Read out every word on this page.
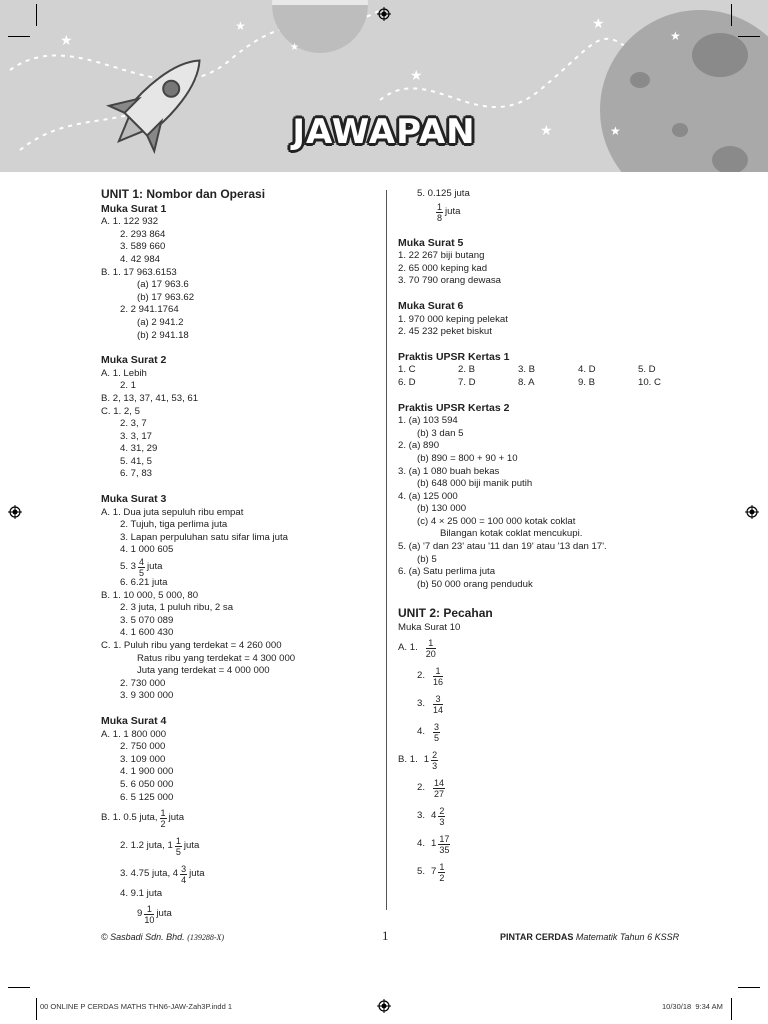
★
★
★
★
★
★
★
★
JAWAPAN
UNIT 1: Nombor dan Operasi
Muka Surat 1
A. 1. 122 932
2. 293 864
3. 589 660
4. 42 984
B. 1. 17 963.6153
(a) 17 963.6
(b) 17 963.62
2. 2 941.1764
(a) 2 941.2
(b) 2 941.18
Muka Surat 2
A. 1. Lebih
2. 1
B. 2, 13, 37, 41, 53, 61
C. 1. 2, 5
2. 3, 7
3. 3, 17
4. 31, 29
5. 41, 5
6. 7, 83
Muka Surat 3
A. 1. Dua juta sepuluh ribu empat
2. Tujuh, tiga perlima juta
3. Lapan perpuluhan satu sifar lima juta
4. 1 000 605
5. $3 \frac{4}{5}$ juta
6. 6.21 juta
B. 1. 10 000, 5 000, 80
2. 3 juta, 1 puluh ribu, 2 sa
3. 5 070 089
4. 1 600 430
C. 1. Puluh ribu yang terdekat = 4 260 000
Ratus ribu yang terdekat = 4 300 000
Juta yang terdekat = 4 000 000
2. 730 000
3. 9 300 000
Muka Surat 4
A. 1. 1 800 000
2. 750 000
3. 109 000
4. 1 900 000
5. 6 050 000
6. 5 125 000
B. 1. 0.5 juta, $\frac{1}{2}$ juta
2. 1.2 juta, $1 \frac{1}{5}$ juta
3. 4.75 juta, $4 \frac{3}{4}$ juta
4. 9.1 juta
$9 \frac{1}{10}$ juta
5. 0.125 juta
$\frac{1}{8}$ juta
Muka Surat 5
1. 22 267 biji butang
2. 65 000 keping kad
3. 70 790 orang dewasa
Muka Surat 6
1. 970 000 keping pelekat
2. 45 232 peket biskut
Praktis UPSR Kertas 1
1. C	2. B	3. B	4. D	5. D
6. D	7. D	8. A	9. B	10. C
Praktis UPSR Kertas 2
1. (a) 103 594
(b) 3 dan 5
2. (a) 890
(b) 890 = 800 + 90 + 10
3. (a) 1 080 buah bekas
(b) 648 000 biji manik putih
4. (a) 125 000
(b) 130 000
(c) 4 × 25 000 = 100 000 kotak coklat
Bilangan kotak coklat mencukupi.
5. (a) '7 dan 23' atau '11 dan 19' atau '13 dan 17'.
(b) 5
6. (a) Satu perlima juta
(b) 50 000 orang penduduk
UNIT 2: Pecahan
Muka Surat 10
A. 1. $\frac{1}{20}$
2. $\frac{1}{16}$
3. $\frac{3}{14}$
4. $\frac{3}{5}$
B. 1. $1 \frac{2}{3}$
2. $\frac{14}{27}$
3. $4 \frac{2}{3}$
4. $1 \frac{17}{35}$
5. $7 \frac{1}{2}$
© Sasbadi Sdn. Bhd. (139288-X)	1	PINTAR CERDAS Matematik Tahun 6 KSSR
00 ONLINE P CERDAS MATHS THN6-JAW-Zah3P.indd 1	10/30/18 9:34 AM
